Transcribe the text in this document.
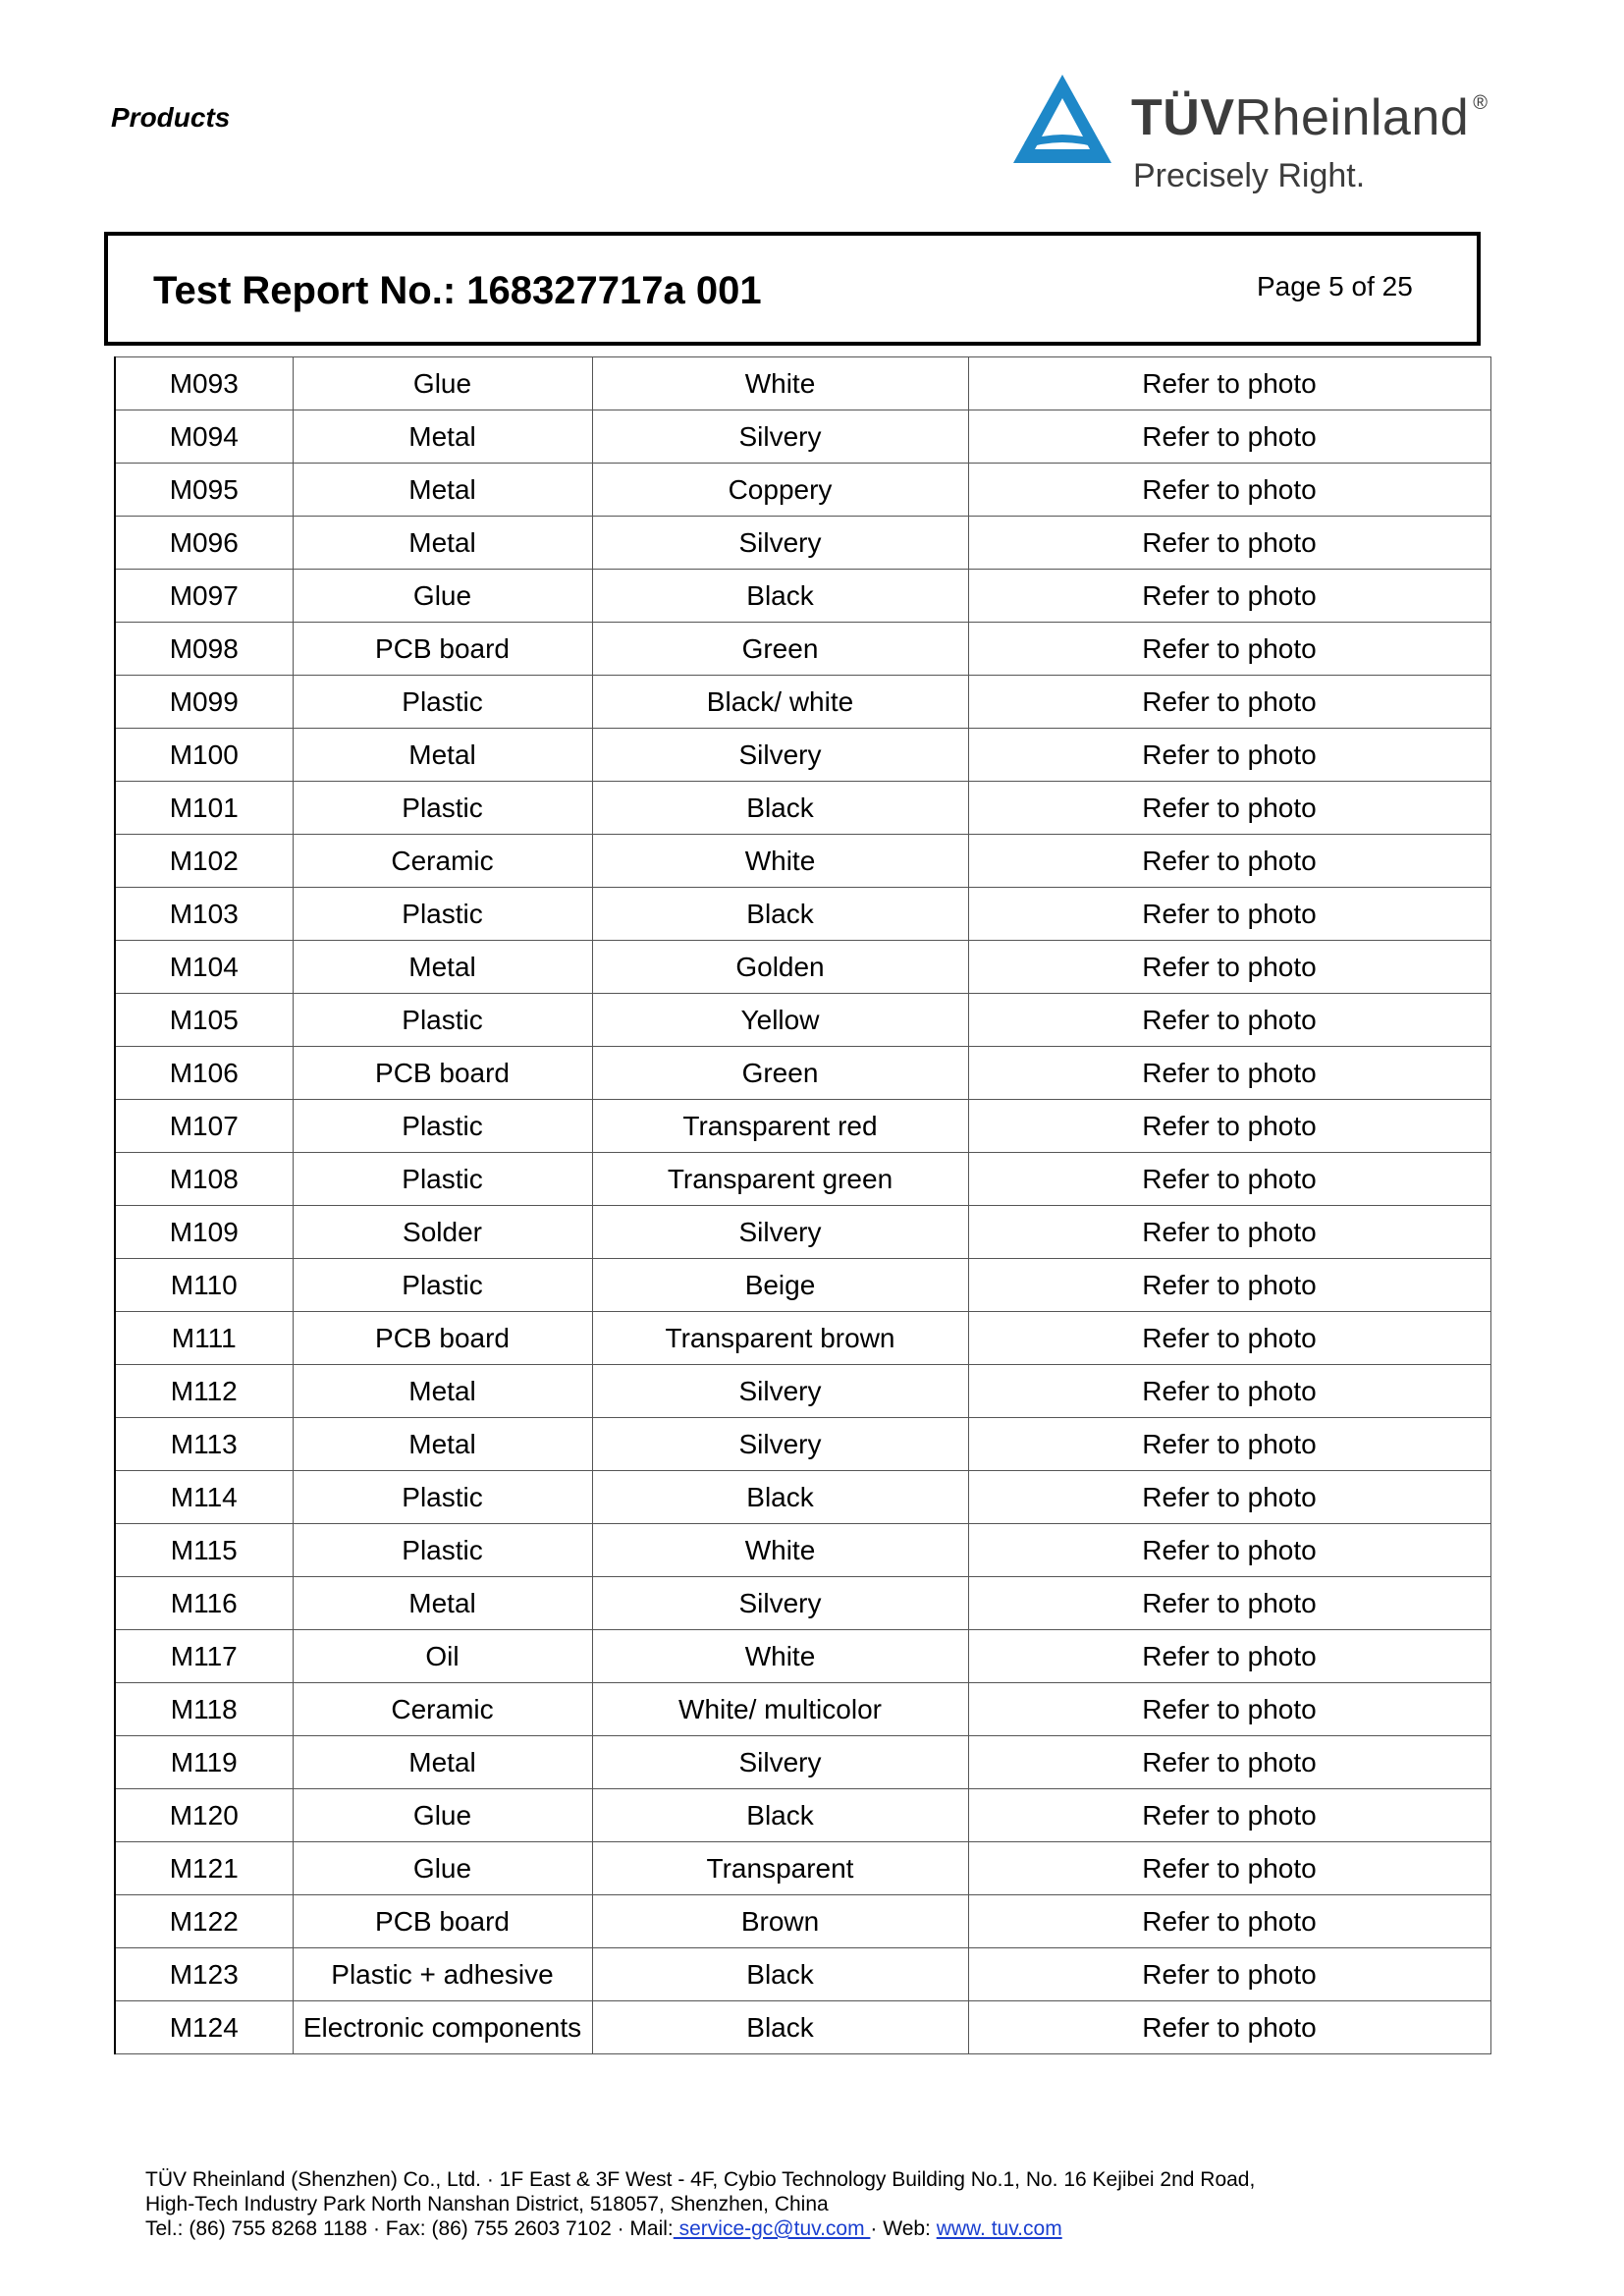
Products	TÜVRheinland ®
Precisely Right.
Test Report No.: 168327717a 001	Page 5 of 25
M093	Glue	White	Refer to photo
M094	Metal	Silvery	Refer to photo
M095	Metal	Coppery	Refer to photo
M096	Metal	Silvery	Refer to photo
M097	Glue	Black	Refer to photo
M098	PCB board	Green	Refer to photo
M099	Plastic	Black/ white	Refer to photo
M100	Metal	Silvery	Refer to photo
M101	Plastic	Black	Refer to photo
M102	Ceramic	White	Refer to photo
M103	Plastic	Black	Refer to photo
M104	Metal	Golden	Refer to photo
M105	Plastic	Yellow	Refer to photo
M106	PCB board	Green	Refer to photo
M107	Plastic	Transparent red	Refer to photo
M108	Plastic	Transparent green	Refer to photo
M109	Solder	Silvery	Refer to photo
M110	Plastic	Beige	Refer to photo
M111	PCB board	Transparent brown	Refer to photo
M112	Metal	Silvery	Refer to photo
M113	Metal	Silvery	Refer to photo
M114	Plastic	Black	Refer to photo
M115	Plastic	White	Refer to photo
M116	Metal	Silvery	Refer to photo
M117	Oil	White	Refer to photo
M118	Ceramic	White/ multicolor	Refer to photo
M119	Metal	Silvery	Refer to photo
M120	Glue	Black	Refer to photo
M121	Glue	Transparent	Refer to photo
M122	PCB board	Brown	Refer to photo
M123	Plastic + adhesive	Black	Refer to photo
M124	Electronic components	Black	Refer to photo
TÜV Rheinland (Shenzhen) Co., Ltd. · 1F East & 3F West - 4F, Cybio Technology Building No.1, No. 16 Kejibei 2nd Road,
High-Tech Industry Park North Nanshan District, 518057, Shenzhen, China
Tel.: (86) 755 8268 1188 · Fax: (86) 755 2603 7102 · Mail: service-gc@tuv.com · Web: www. tuv.com
